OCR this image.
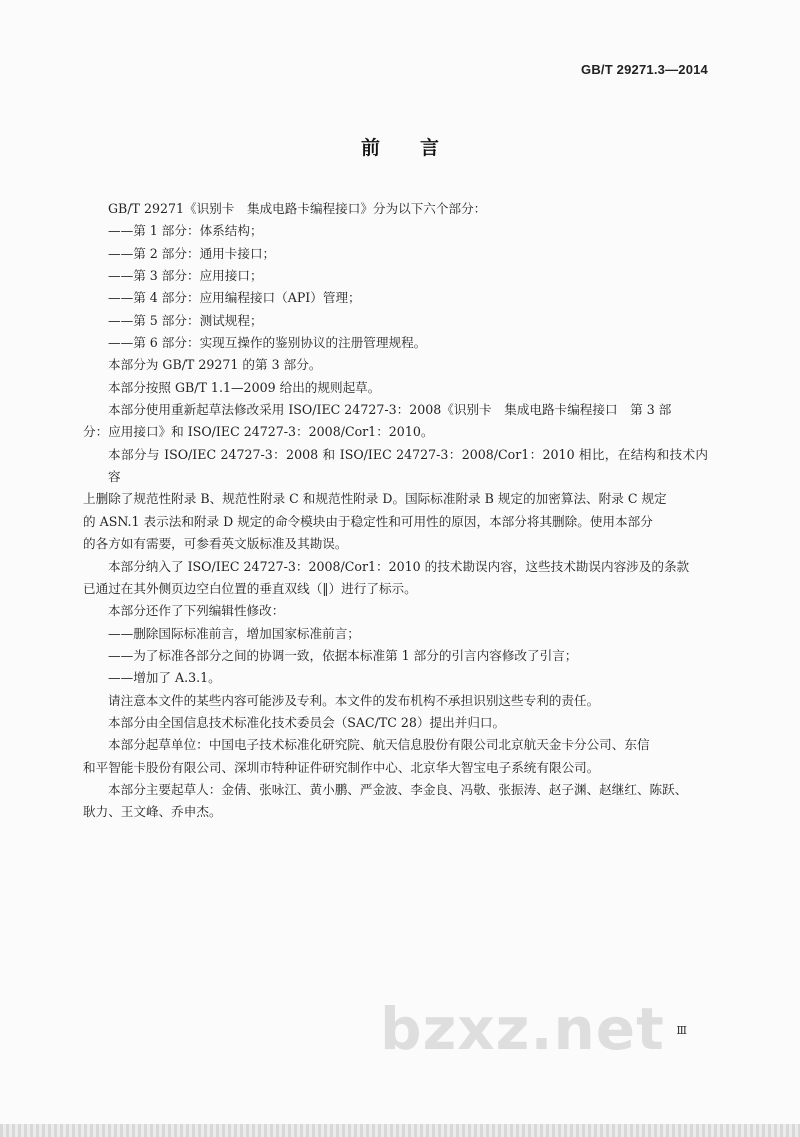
GB/T 29271.3—2014
前言

GB/T 29271《识别卡　集成电路卡编程接口》分为以下六个部分：

——第 1 部分：体系结构；

——第 2 部分：通用卡接口；

——第 3 部分：应用接口；

——第 4 部分：应用编程接口（API）管理；

——第 5 部分：测试规程；

——第 6 部分：实现互操作的鉴别协议的注册管理规程。

本部分为 GB/T 29271 的第 3 部分。

本部分按照 GB/T 1.1—2009 给出的规则起草。

本部分使用重新起草法修改采用 ISO/IEC 24727-3：2008《识别卡　集成电路卡编程接口　第 3 部

分：应用接口》和 ISO/IEC 24727-3：2008/Cor1：2010。

本部分与 ISO/IEC 24727-3：2008 和 ISO/IEC 24727-3：2008/Cor1：2010 相比，在结构和技术内容

上删除了规范性附录 B、规范性附录 C 和规范性附录 D。国际标准附录 B 规定的加密算法、附录 C 规定

的 ASN.1 表示法和附录 D 规定的命令模块由于稳定性和可用性的原因，本部分将其删除。使用本部分

的各方如有需要，可参看英文版标准及其勘误。

本部分纳入了 ISO/IEC 24727-3：2008/Cor1：2010 的技术勘误内容，这些技术勘误内容涉及的条款

已通过在其外侧页边空白位置的垂直双线（‖）进行了标示。

本部分还作了下列编辑性修改：

——删除国际标准前言，增加国家标准前言；

——为了标准各部分之间的协调一致，依据本标准第 1 部分的引言内容修改了引言；

——增加了 A.3.1。

请注意本文件的某些内容可能涉及专利。本文件的发布机构不承担识别这些专利的责任。

本部分由全国信息技术标准化技术委员会（SAC/TC 28）提出并归口。

本部分起草单位：中国电子技术标准化研究院、航天信息股份有限公司北京航天金卡分公司、东信

和平智能卡股份有限公司、深圳市特种证件研究制作中心、北京华大智宝电子系统有限公司。

本部分主要起草人：金倩、张咏江、黄小鹏、严金波、李金良、冯敬、张振涛、赵子渊、赵继红、陈跃、

耿力、王文峰、乔申杰。

bzxz.net Ⅲ
